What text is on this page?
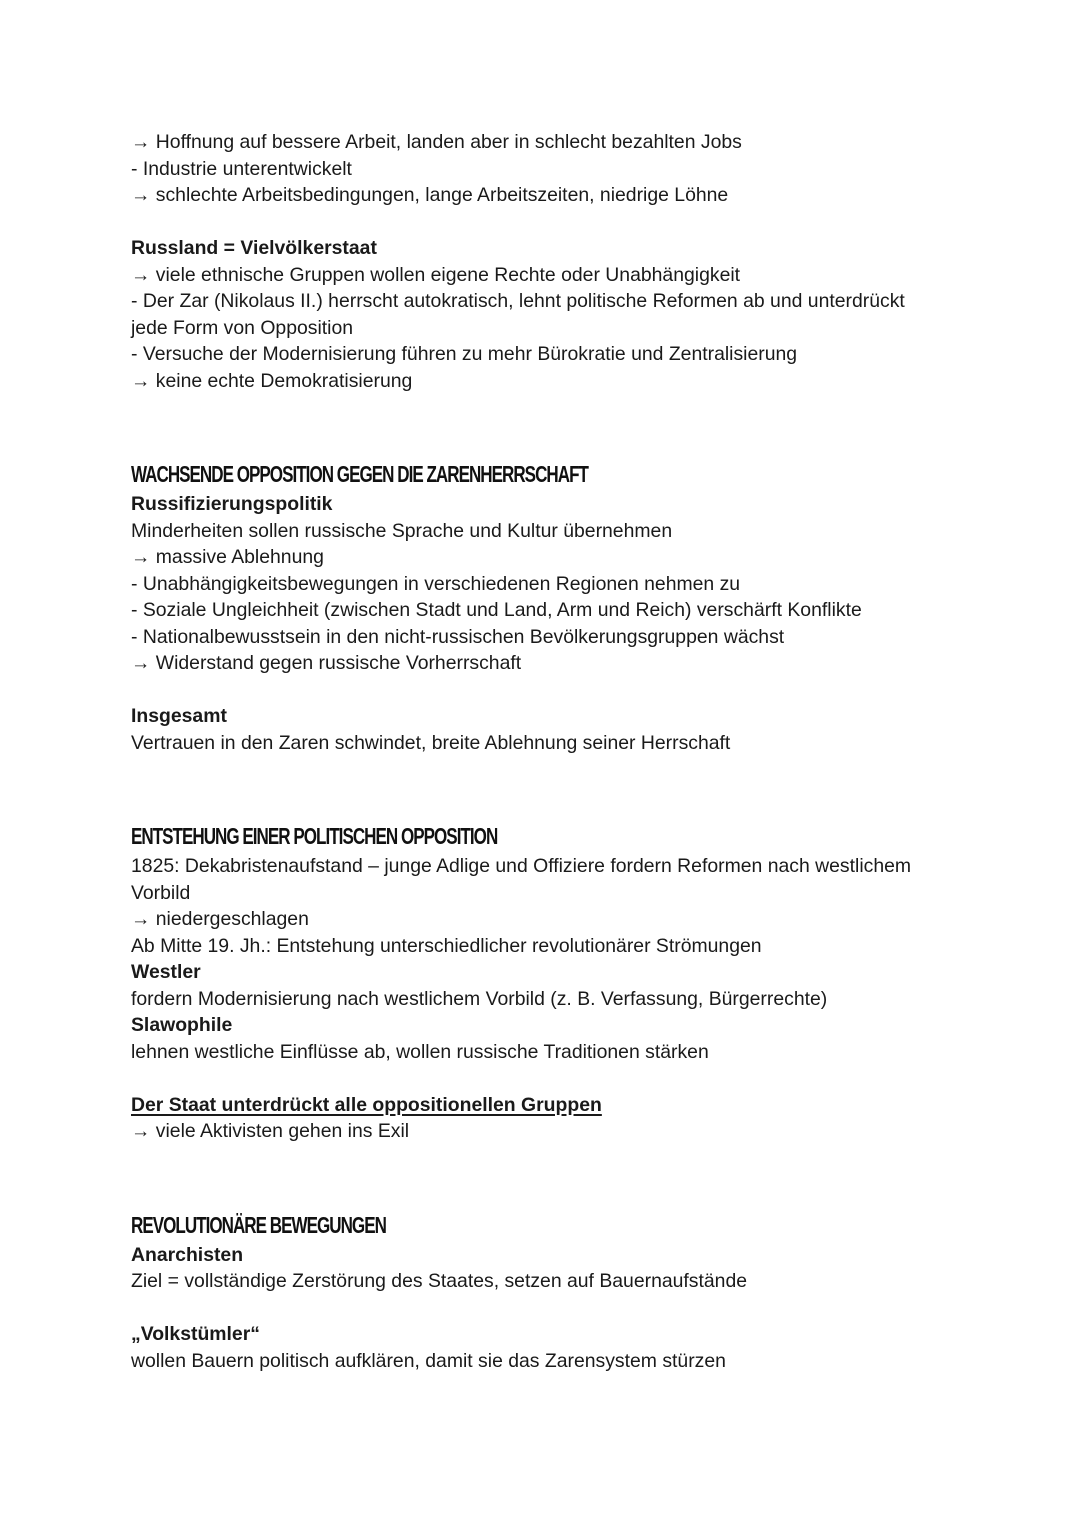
→ Hoffnung auf bessere Arbeit, landen aber in schlecht bezahlten Jobs
- Industrie unterentwickelt
→ schlechte Arbeitsbedingungen, lange Arbeitszeiten, niedrige Löhne
Russland = Vielvölkerstaat
→ viele ethnische Gruppen wollen eigene Rechte oder Unabhängigkeit
- Der Zar (Nikolaus II.) herrscht autokratisch, lehnt politische Reformen ab und unterdrückt
jede Form von Opposition
- Versuche der Modernisierung führen zu mehr Bürokratie und Zentralisierung
→ keine echte Demokratisierung
WACHSENDE OPPOSITION GEGEN DIE ZARENHERRSCHAFT
Russifizierungspolitik
Minderheiten sollen russische Sprache und Kultur übernehmen
→ massive Ablehnung
- Unabhängigkeitsbewegungen in verschiedenen Regionen nehmen zu
- Soziale Ungleichheit (zwischen Stadt und Land, Arm und Reich) verschärft Konflikte
- Nationalbewusstsein in den nicht-russischen Bevölkerungsgruppen wächst
→ Widerstand gegen russische Vorherrschaft
Insgesamt
Vertrauen in den Zaren schwindet, breite Ablehnung seiner Herrschaft
ENTSTEHUNG EINER POLITISCHEN OPPOSITION
1825: Dekabristenaufstand – junge Adlige und Offiziere fordern Reformen nach westlichem
Vorbild
→ niedergeschlagen
Ab Mitte 19. Jh.: Entstehung unterschiedlicher revolutionärer Strömungen
Westler
fordern Modernisierung nach westlichem Vorbild (z. B. Verfassung, Bürgerrechte)
Slawophile
lehnen westliche Einflüsse ab, wollen russische Traditionen stärken
Der Staat unterdrückt alle oppositionellen Gruppen
→ viele Aktivisten gehen ins Exil
REVOLUTIONÄRE BEWEGUNGEN
Anarchisten
Ziel = vollständige Zerstörung des Staates, setzen auf Bauernaufstände
„Volkstümler“
wollen Bauern politisch aufklären, damit sie das Zarensystem stürzen
